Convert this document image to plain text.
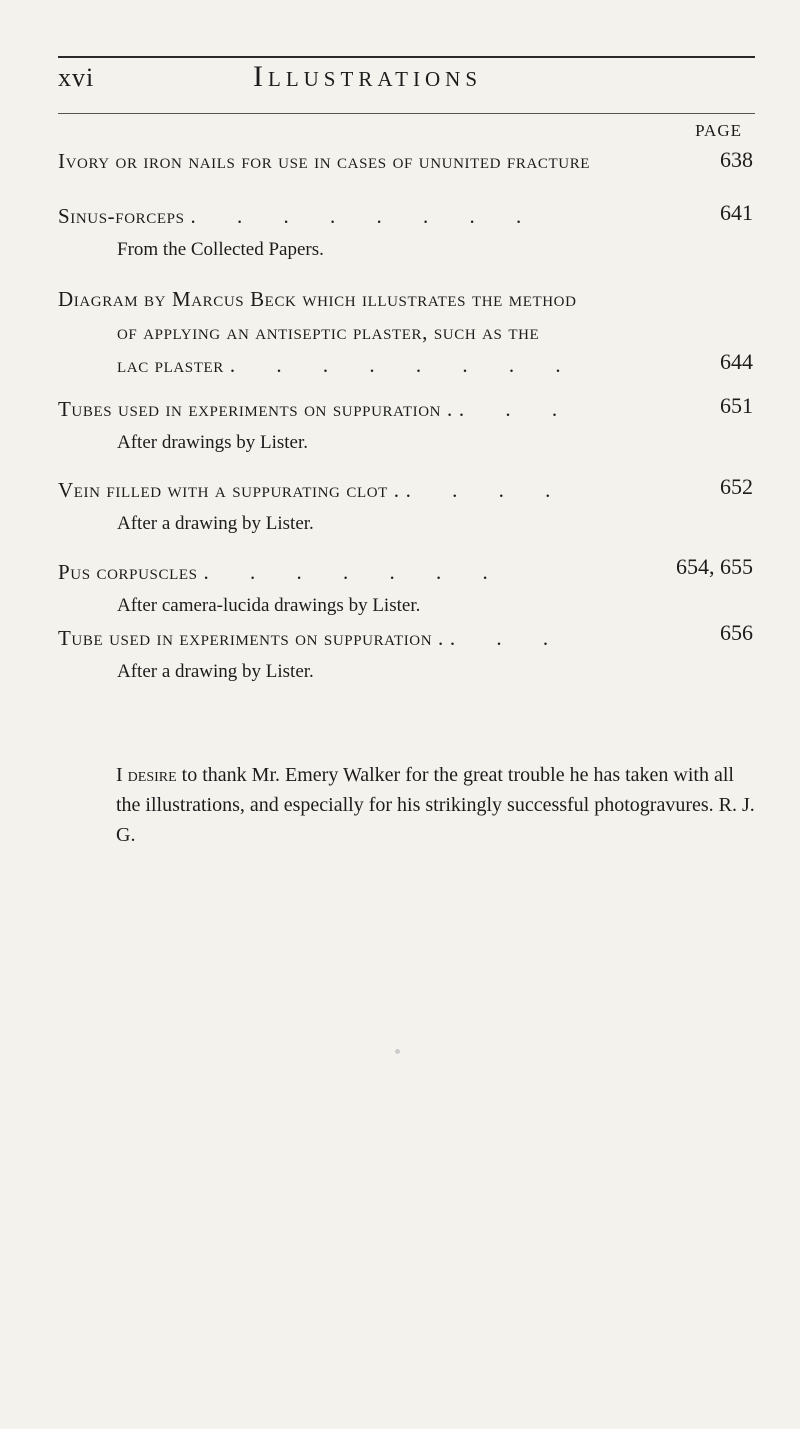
xvi	Illustrations
PAGE
Ivory or iron nails for use in cases of ununited fracture	638
Sinus-forceps . . . . . . . .	641
From the Collected Papers.
Diagram by Marcus Beck which illustrates the method
of applying an antiseptic plaster, such as the
lac plaster . . . . . . . .	644
Tubes used in experiments on suppuration . . . .	651
After drawings by Lister.
Vein filled with a suppurating clot . . . . .	652
After a drawing by Lister.
Pus corpuscles . . . . . . .	654, 655
After camera-lucida drawings by Lister.
Tube used in experiments on suppuration . . . .	656
After a drawing by Lister.
I desire to thank Mr. Emery Walker for the great trouble he has taken with all the illustrations, and especially for his strikingly successful photogravures. R. J. G.
